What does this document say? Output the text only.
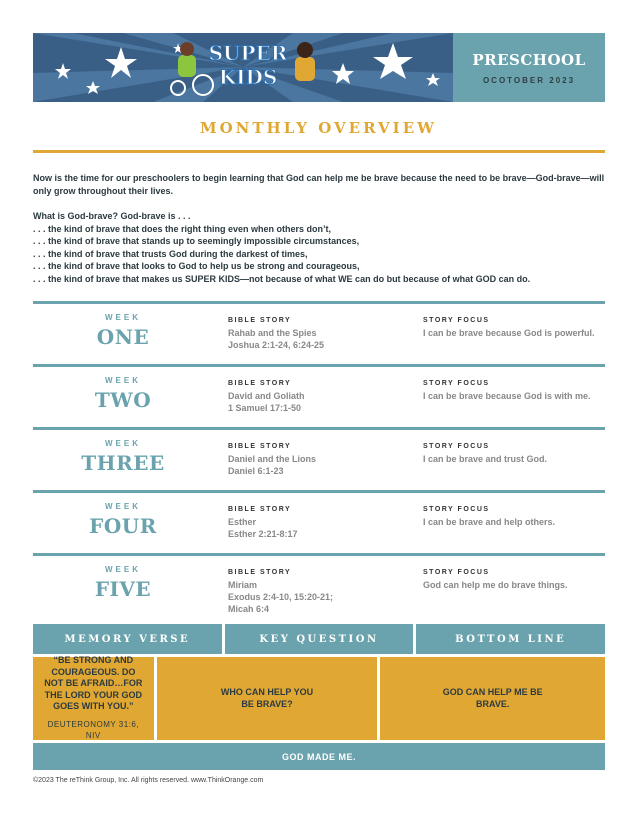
SUPER KIDS
PRESCHOOL
OCOTOBER 2023
MONTHLY OVERVIEW

Now is the time for our preschoolers to begin learning that God can help me be brave because the need to be brave—God-brave—will only grow throughout their lives.

What is God-brave? God-brave is . . .
. . . the kind of brave that does the right thing even when others don’t,
. . . the kind of brave that stands up to seemingly impossible circumstances,
. . . the kind of brave that trusts God during the darkest of times,
. . . the kind of brave that looks to God to help us be strong and courageous,
. . . the kind of brave that makes us SUPER KIDS—not because of what WE can do but because of what GOD can do.
WEEK
ONE
BIBLE STORY
Rahab and the Spies
Joshua 2:1-24, 6:24-25
STORY FOCUS
I can be brave because God is powerful.
WEEK
TWO
BIBLE STORY
David and Goliath
1 Samuel 17:1-50
STORY FOCUS
I can be brave because God is with me.
WEEK
THREE
BIBLE STORY
Daniel and the Lions
Daniel 6:1-23
STORY FOCUS
I can be brave and trust God.
WEEK
FOUR
BIBLE STORY
Esther
Esther 2:21-8:17
STORY FOCUS
I can be brave and help others.
WEEK
FIVE
BIBLE STORY
Miriam
Exodus 2:4-10, 15:20-21; Micah 6:4
STORY FOCUS
God can help me do brave things.
MEMORY VERSE	KEY QUESTION	BOTTOM LINE
“BE STRONG AND COURAGEOUS. DO NOT BE AFRAID…FOR THE LORD YOUR GOD GOES WITH YOU.”
DEUTERONOMY 31:6, NIV
WHO CAN HELP YOU BE BRAVE?
GOD CAN HELP ME BE BRAVE.
GOD MADE ME.
©2023 The reThink Group, Inc. All rights reserved. www.ThinkOrange.com
